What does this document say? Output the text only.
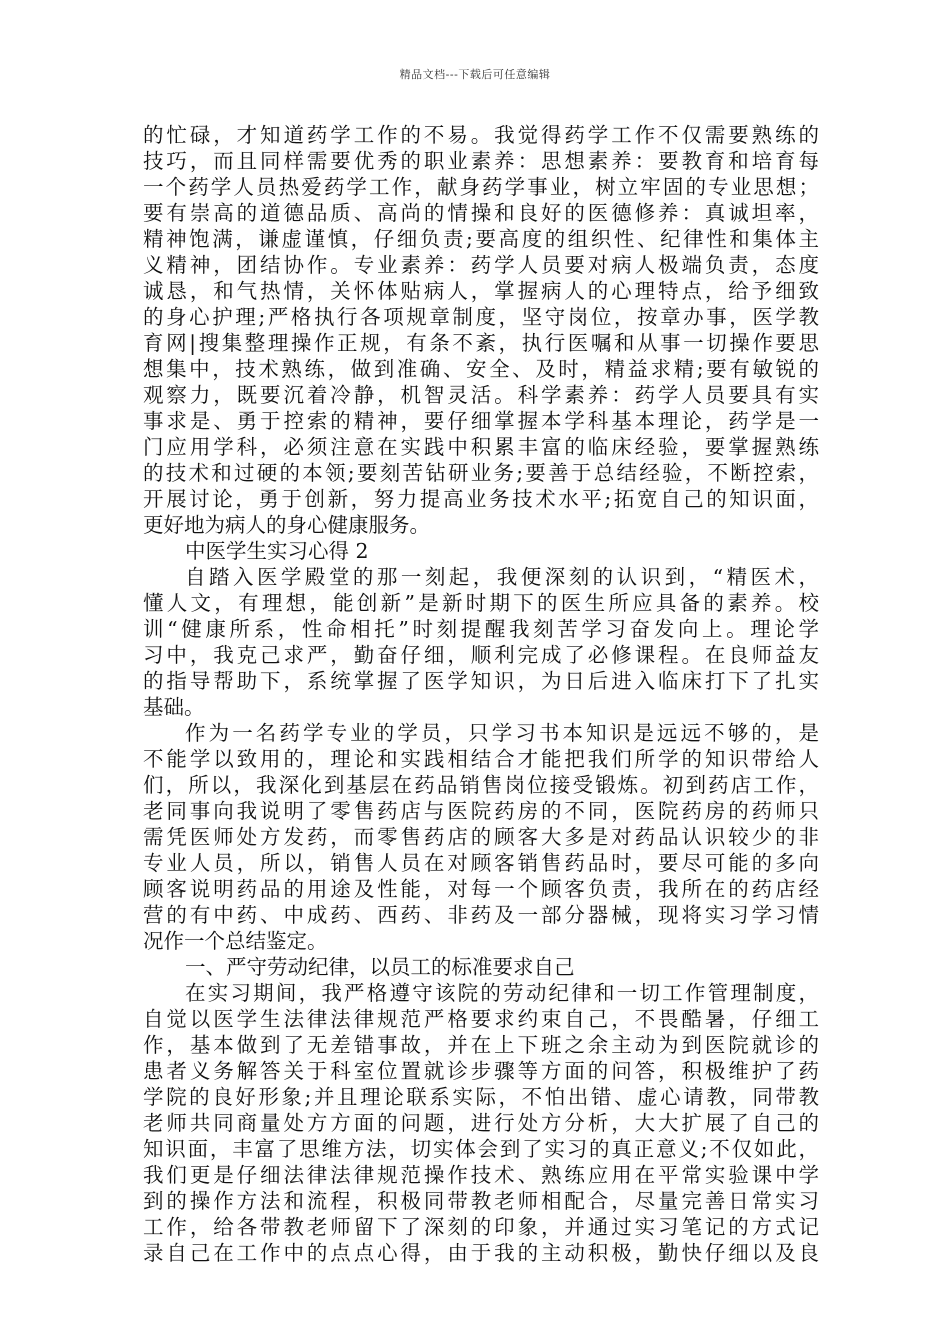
精品文档---下载后可任意编辑
的忙碌，才知道药学工作的不易。我觉得药学工作不仅需要熟练的
技巧，而且同样需要优秀的职业素养：思想素养：要教育和培育每
一个药学人员热爱药学工作，献身药学事业，树立牢固的专业思想；
要有崇高的道德品质、高尚的情操和良好的医德修养：真诚坦率，
精神饱满，谦虚谨慎，仔细负责;要高度的组织性、纪律性和集体主
义精神，团结协作。专业素养：药学人员要对病人极端负责，态度
诚恳，和气热情，关怀体贴病人，掌握病人的心理特点，给予细致
的身心护理;严格执行各项规章制度，坚守岗位，按章办事，医学教
育网|搜集整理操作正规，有条不紊，执行医嘱和从事一切操作要思
想集中，技术熟练，做到准确、安全、及时，精益求精;要有敏锐的
观察力，既要沉着冷静，机智灵活。科学素养：药学人员要具有实
事求是、勇于控索的精神，要仔细掌握本学科基本理论，药学是一
门应用学科，必须注意在实践中积累丰富的临床经验，要掌握熟练
的技术和过硬的本领;要刻苦钻研业务;要善于总结经验，不断控索，
开展讨论，勇于创新，努力提高业务技术水平;拓宽自己的知识面，
更好地为病人的身心健康服务。
中医学生实习心得 2
自踏入医学殿堂的那一刻起，我便深刻的认识到，“精医术，
懂人文，有理想，能创新”是新时期下的医生所应具备的素养。校
训“健康所系，性命相托”时刻提醒我刻苦学习奋发向上。理论学
习中，我克己求严，勤奋仔细，顺利完成了必修课程。在良师益友
的指导帮助下，系统掌握了医学知识，为日后进入临床打下了扎实
基础。
作为一名药学专业的学员，只学习书本知识是远远不够的，是
不能学以致用的，理论和实践相结合才能把我们所学的知识带给人
们，所以，我深化到基层在药品销售岗位接受锻炼。初到药店工作，
老同事向我说明了零售药店与医院药房的不同，医院药房的药师只
需凭医师处方发药，而零售药店的顾客大多是对药品认识较少的非
专业人员，所以，销售人员在对顾客销售药品时，要尽可能的多向
顾客说明药品的用途及性能，对每一个顾客负责，我所在的药店经
营的有中药、中成药、西药、非药及一部分器械，现将实习学习情
况作一个总结鉴定。
一、严守劳动纪律，以员工的标准要求自己
在实习期间，我严格遵守该院的劳动纪律和一切工作管理制度，
自觉以医学生法律法律规范严格要求约束自己，不畏酷暑，仔细工
作，基本做到了无差错事故，并在上下班之余主动为到医院就诊的
患者义务解答关于科室位置就诊步骤等方面的问答，积极维护了药
学院的良好形象;并且理论联系实际，不怕出错、虚心请教，同带教
老师共同商量处方方面的问题，进行处方分析，大大扩展了自己的
知识面，丰富了思维方法，切实体会到了实习的真正意义;不仅如此，
我们更是仔细法律法律规范操作技术、熟练应用在平常实验课中学
到的操作方法和流程，积极同带教老师相配合，尽量完善日常实习
工作，给各带教老师留下了深刻的印象，并通过实习笔记的方式记
录自己在工作中的点点心得，由于我的主动积极，勤快仔细以及良
